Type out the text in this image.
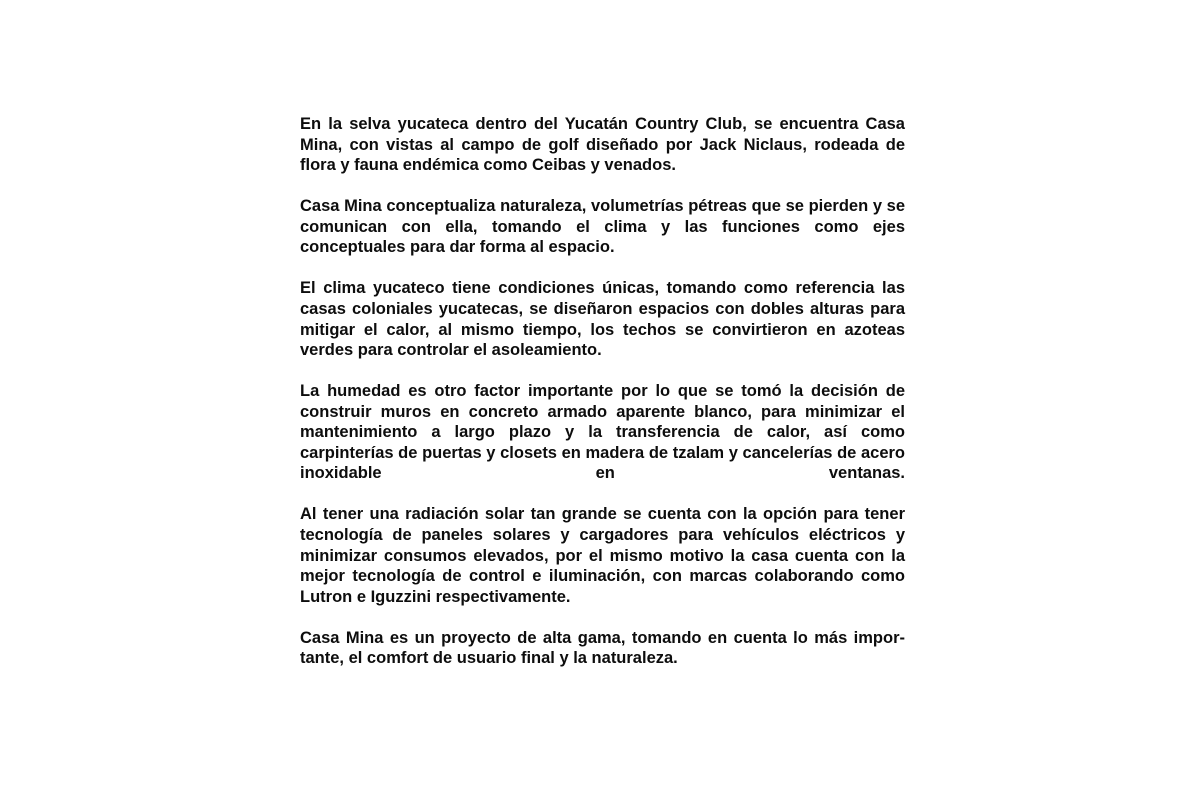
En la selva yucateca dentro del Yucatán Country Club, se encuentra Casa Mina, con vistas al campo de golf diseñado por Jack Niclaus, rodeada de flora y fauna endémica como Ceibas y venados.

Casa Mina conceptualiza naturaleza, volumetrías pétreas que se pierden y se comunican con ella, tomando el clima y las funciones como ejes conceptuales para dar forma al espacio.

El clima yucateco tiene condiciones únicas, tomando como referencia las casas coloniales yucatecas, se diseñaron espacios con dobles alturas para mitigar el calor, al mismo tiempo, los techos se convirtieron en azoteas verdes para controlar el asoleamiento.

La humedad es otro factor importante por lo que se tomó la decisión de construir muros en concreto armado aparente blanco, para minimizar el mantenimiento a largo plazo y la transferencia de calor, así como carpinterías de puertas y closets en madera de tzalam y cancelerías de acero inoxidable en ventanas.

Al tener una radiación solar tan grande se cuenta con la opción para tener tecnología de paneles solares y cargadores para vehículos eléctricos y minimizar consumos elevados, por el mismo motivo la casa cuenta con la mejor tecnología de control e iluminación, con marcas colaborando como Lutron e Iguzzini respectivamente.

Casa Mina es un proyecto de alta gama, tomando en cuenta lo más impor-tante, el comfort de usuario final y la naturaleza.
